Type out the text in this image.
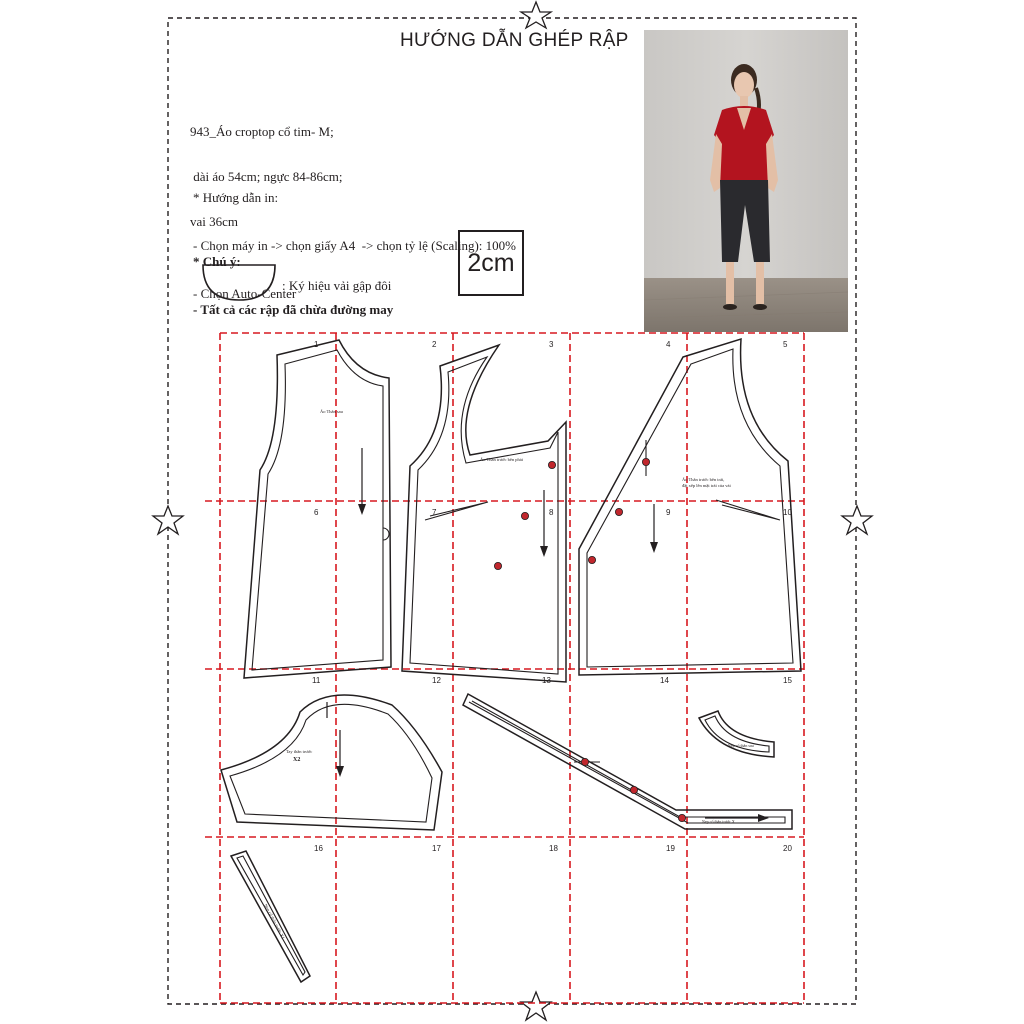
HƯỚNG DẪN GHÉP RẬP

943_Áo croptop cổ tim- M;

dài áo 54cm; ngực 84-86cm;

vai 36cm

* Hướng dẫn in:

- Chọn máy in -> chọn giấy A4  -> chọn tỷ lệ (Scaling): 100%

- Chọn Auto-Center

* Chú ý:

- Tất cả các rập đã chừa đường may

: Ký hiệu vải gập đôi
2cm
1	2	3	4	5
6	7	8	9	10
11	12	13	14	15
16	17	18	19	20
Áo Thân sau
Áo Thân trước bên phải
Áo Thân trước bên trái,
đặt xếp lên mặt trái của vải
Tay thân trước
X2
Nẹp cổ thân trước X
Nẹp cổ thân sau
Nẹp cổ thân trước X1
